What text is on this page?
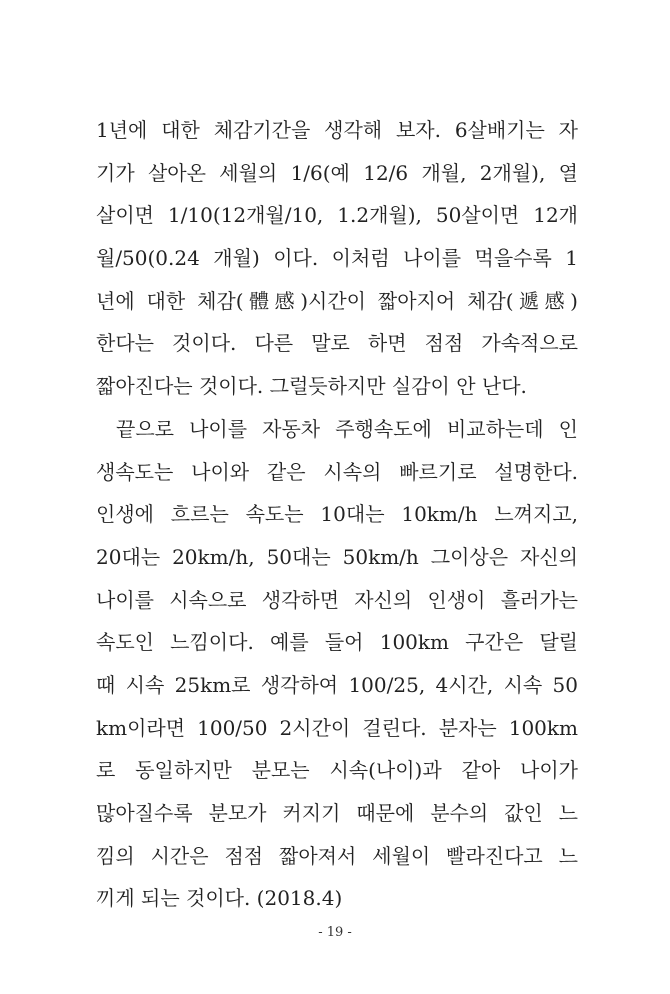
1년에 대한 체감기간을 생각해 보자. 6살배기는 자
기가 살아온 세월의 1/6(예 12/6 개월, 2개월), 열
살이면 1/10(12개월/10, 1.2개월), 50살이면 12개
월/50(0.24 개월) 이다. 이처럼 나이를 먹을수록 1
년에 대한 체감(體感)시간이 짧아지어 체감(遞感)
한다는 것이다. 다른 말로 하면 점점 가속적으로
짧아진다는 것이다. 그럴듯하지만 실감이 안 난다.
끝으로 나이를 자동차 주행속도에 비교하는데 인
생속도는 나이와 같은 시속의 빠르기로 설명한다.
인생에 흐르는 속도는 10대는 10km/h 느껴지고,
20대는 20km/h, 50대는 50km/h 그이상은 자신의
나이를 시속으로 생각하면 자신의 인생이 흘러가는
속도인 느낌이다. 예를 들어 100km 구간은 달릴
때 시속 25km로 생각하여 100/25, 4시간, 시속 50
km이라면 100/50 2시간이 걸린다. 분자는 100km
로 동일하지만 분모는 시속(나이)과 같아 나이가
많아질수록 분모가 커지기 때문에 분수의 값인 느
낌의 시간은 점점 짧아져서 세월이 빨라진다고 느
끼게 되는 것이다. (2018.4)
- 19 -
